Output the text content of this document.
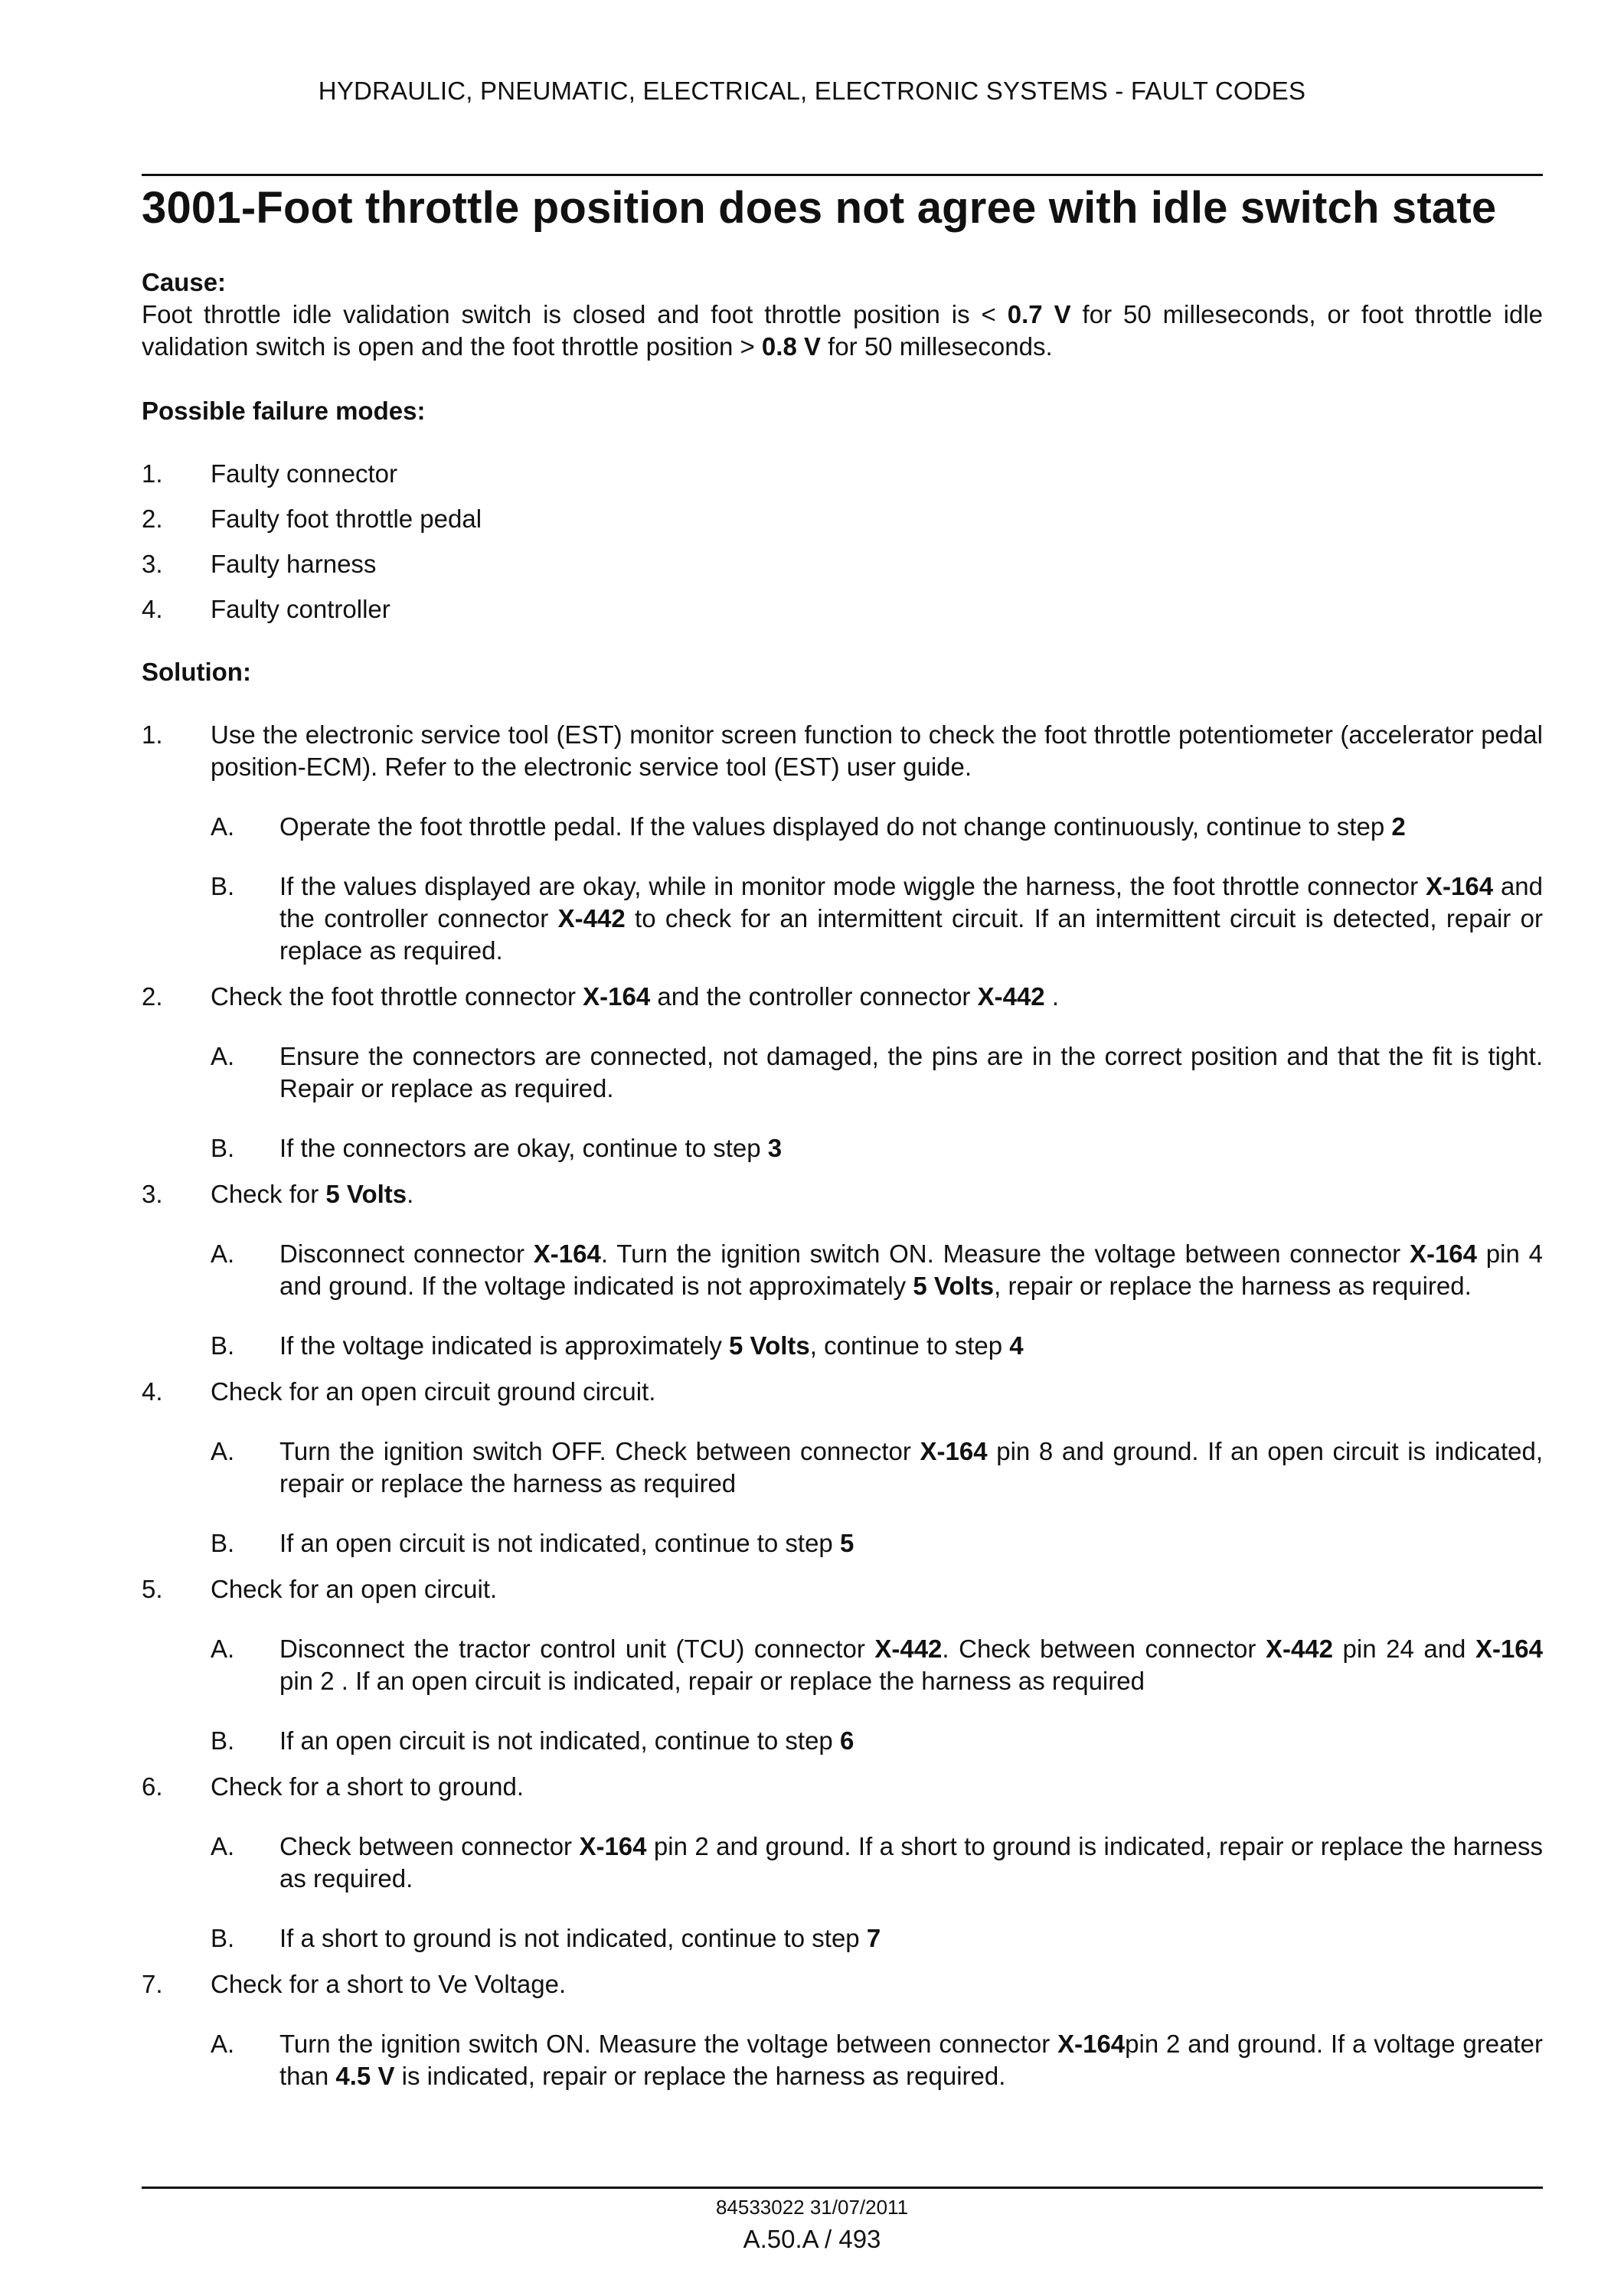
HYDRAULIC, PNEUMATIC, ELECTRICAL, ELECTRONIC SYSTEMS - FAULT CODES
3001-Foot throttle position does not agree with idle switch state
Cause:

Foot throttle idle validation switch is closed and foot throttle position is < 0.7 V for 50 milleseconds, or foot throttle idle validation switch is open and the foot throttle position > 0.8 V for 50 milleseconds.

Possible failure modes:
1. Faulty connector
2. Faulty foot throttle pedal
3. Faulty harness
4. Faulty controller
Solution:
1. Use the electronic service tool (EST) monitor screen function to check the foot throttle potentiometer (accelerator pedal position-ECM). Refer to the electronic service tool (EST) user guide.
A. Operate the foot throttle pedal. If the values displayed do not change continuously, continue to step 2
B. If the values displayed are okay, while in monitor mode wiggle the harness, the foot throttle connector X-164 and the controller connector X-442 to check for an intermittent circuit. If an intermittent circuit is detected, repair or replace as required.
2. Check the foot throttle connector X-164 and the controller connector X-442 .
A. Ensure the connectors are connected, not damaged, the pins are in the correct position and that the fit is tight. Repair or replace as required.
B. If the connectors are okay, continue to step 3
3. Check for 5 Volts.
A. Disconnect connector X-164. Turn the ignition switch ON. Measure the voltage between connector X-164 pin 4 and ground. If the voltage indicated is not approximately 5 Volts, repair or replace the harness as required.
B. If the voltage indicated is approximately 5 Volts, continue to step 4
4. Check for an open circuit ground circuit.
A. Turn the ignition switch OFF. Check between connector X-164 pin 8 and ground. If an open circuit is indicated, repair or replace the harness as required
B. If an open circuit is not indicated, continue to step 5
5. Check for an open circuit.
A. Disconnect the tractor control unit (TCU) connector X-442. Check between connector X-442 pin 24 and X-164 pin 2 . If an open circuit is indicated, repair or replace the harness as required
B. If an open circuit is not indicated, continue to step 6
6. Check for a short to ground.
A. Check between connector X-164 pin 2 and ground. If a short to ground is indicated, repair or replace the harness as required.
B. If a short to ground is not indicated, continue to step 7
7. Check for a short to Ve Voltage.
A. Turn the ignition switch ON. Measure the voltage between connector X-164pin 2 and ground. If a voltage greater than 4.5 V is indicated, repair or replace the harness as required.
84533022 31/07/2011
A.50.A / 493
